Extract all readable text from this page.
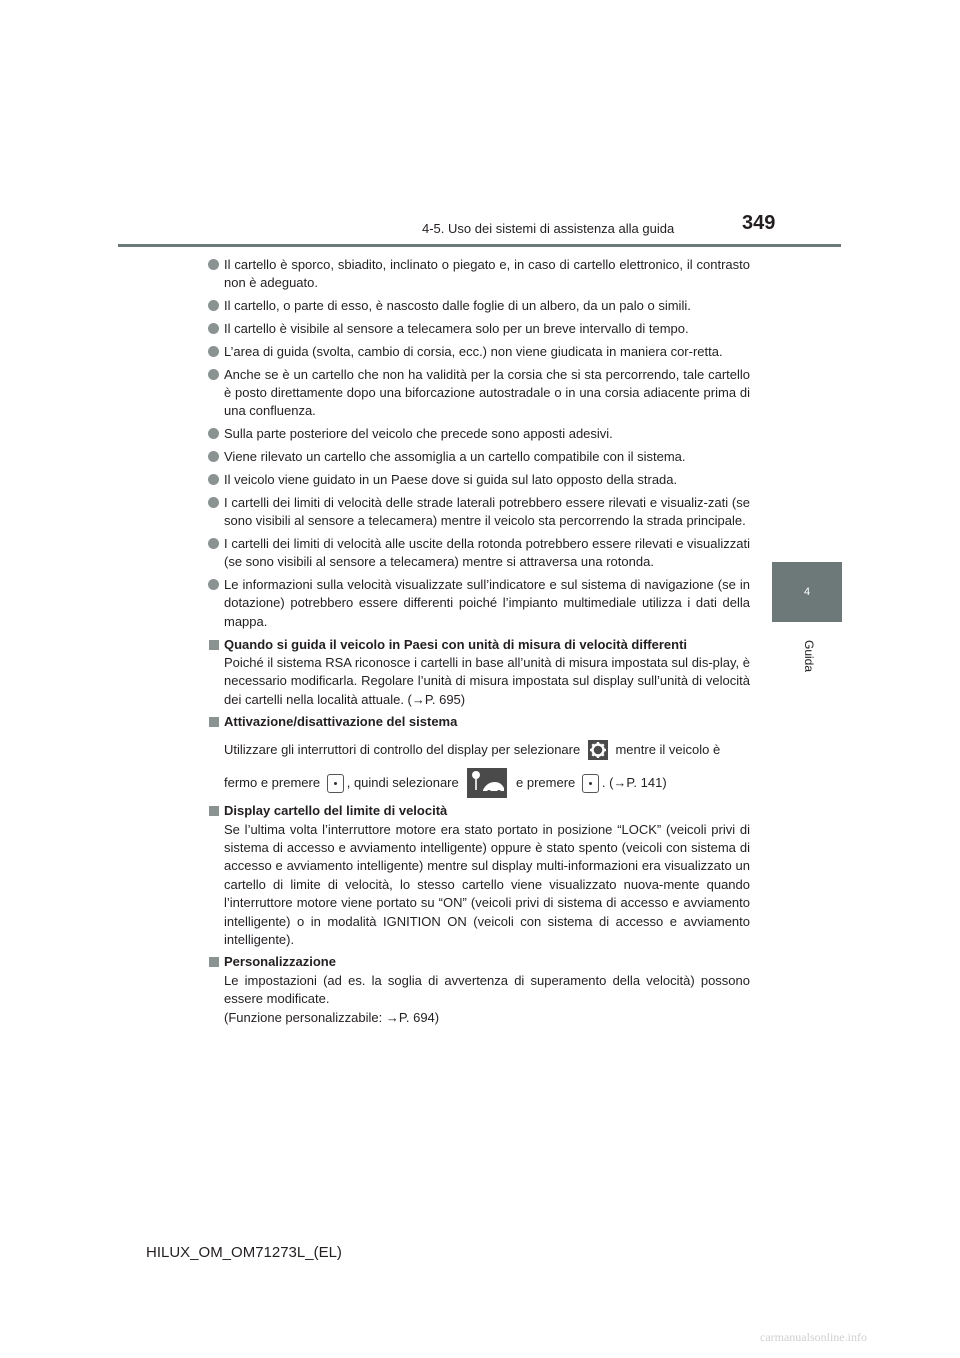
4-5. Uso dei sistemi di assistenza alla guida	349
4
Guida
Il cartello è sporco, sbiadito, inclinato o piegato e, in caso di cartello elettronico, il contrasto non è adeguato.
Il cartello, o parte di esso, è nascosto dalle foglie di un albero, da un palo o simili.
Il cartello è visibile al sensore a telecamera solo per un breve intervallo di tempo.
L’area di guida (svolta, cambio di corsia, ecc.) non viene giudicata in maniera cor-retta.
Anche se è un cartello che non ha validità per la corsia che si sta percorrendo, tale cartello è posto direttamente dopo una biforcazione autostradale o in una corsia adiacente prima di una confluenza.
Sulla parte posteriore del veicolo che precede sono apposti adesivi.
Viene rilevato un cartello che assomiglia a un cartello compatibile con il sistema.
Il veicolo viene guidato in un Paese dove si guida sul lato opposto della strada.
I cartelli dei limiti di velocità delle strade laterali potrebbero essere rilevati e visualiz-zati (se sono visibili al sensore a telecamera) mentre il veicolo sta percorrendo la strada principale.
I cartelli dei limiti di velocità alle uscite della rotonda potrebbero essere rilevati e visualizzati (se sono visibili al sensore a telecamera) mentre si attraversa una rotonda.
Le informazioni sulla velocità visualizzate sull’indicatore e sul sistema di navigazione (se in dotazione) potrebbero essere differenti poiché l’impianto multimediale utilizza i dati della mappa.
Quando si guida il veicolo in Paesi con unità di misura di velocità differenti
Poiché il sistema RSA riconosce i cartelli in base all’unità di misura impostata sul dis-play, è necessario modificarla. Regolare l’unità di misura impostata sul display sull’unità di velocità dei cartelli nella località attuale. (→P. 695)
Attivazione/disattivazione del sistema
Utilizzare gli interruttori di controllo del display per selezionare	mentre il veicolo è
fermo e premere , quindi selezionare	e premere . (→P. 141)
Display cartello del limite di velocità
Se l’ultima volta l’interruttore motore era stato portato in posizione “LOCK” (veicoli privi di sistema di accesso e avviamento intelligente) oppure è stato spento (veicoli con sistema di accesso e avviamento intelligente) mentre sul display multi-informazioni era visualizzato un cartello di limite di velocità, lo stesso cartello viene visualizzato nuova-mente quando l’interruttore motore viene portato su “ON” (veicoli privi di sistema di accesso e avviamento intelligente) o in modalità IGNITION ON (veicoli con sistema di accesso e avviamento intelligente).
Personalizzazione
Le impostazioni (ad es. la soglia di avvertenza di superamento della velocità) possono essere modificate.
(Funzione personalizzabile: →P. 694)
HILUX_OM_OM71273L_(EL)
carmanualsonline.info
